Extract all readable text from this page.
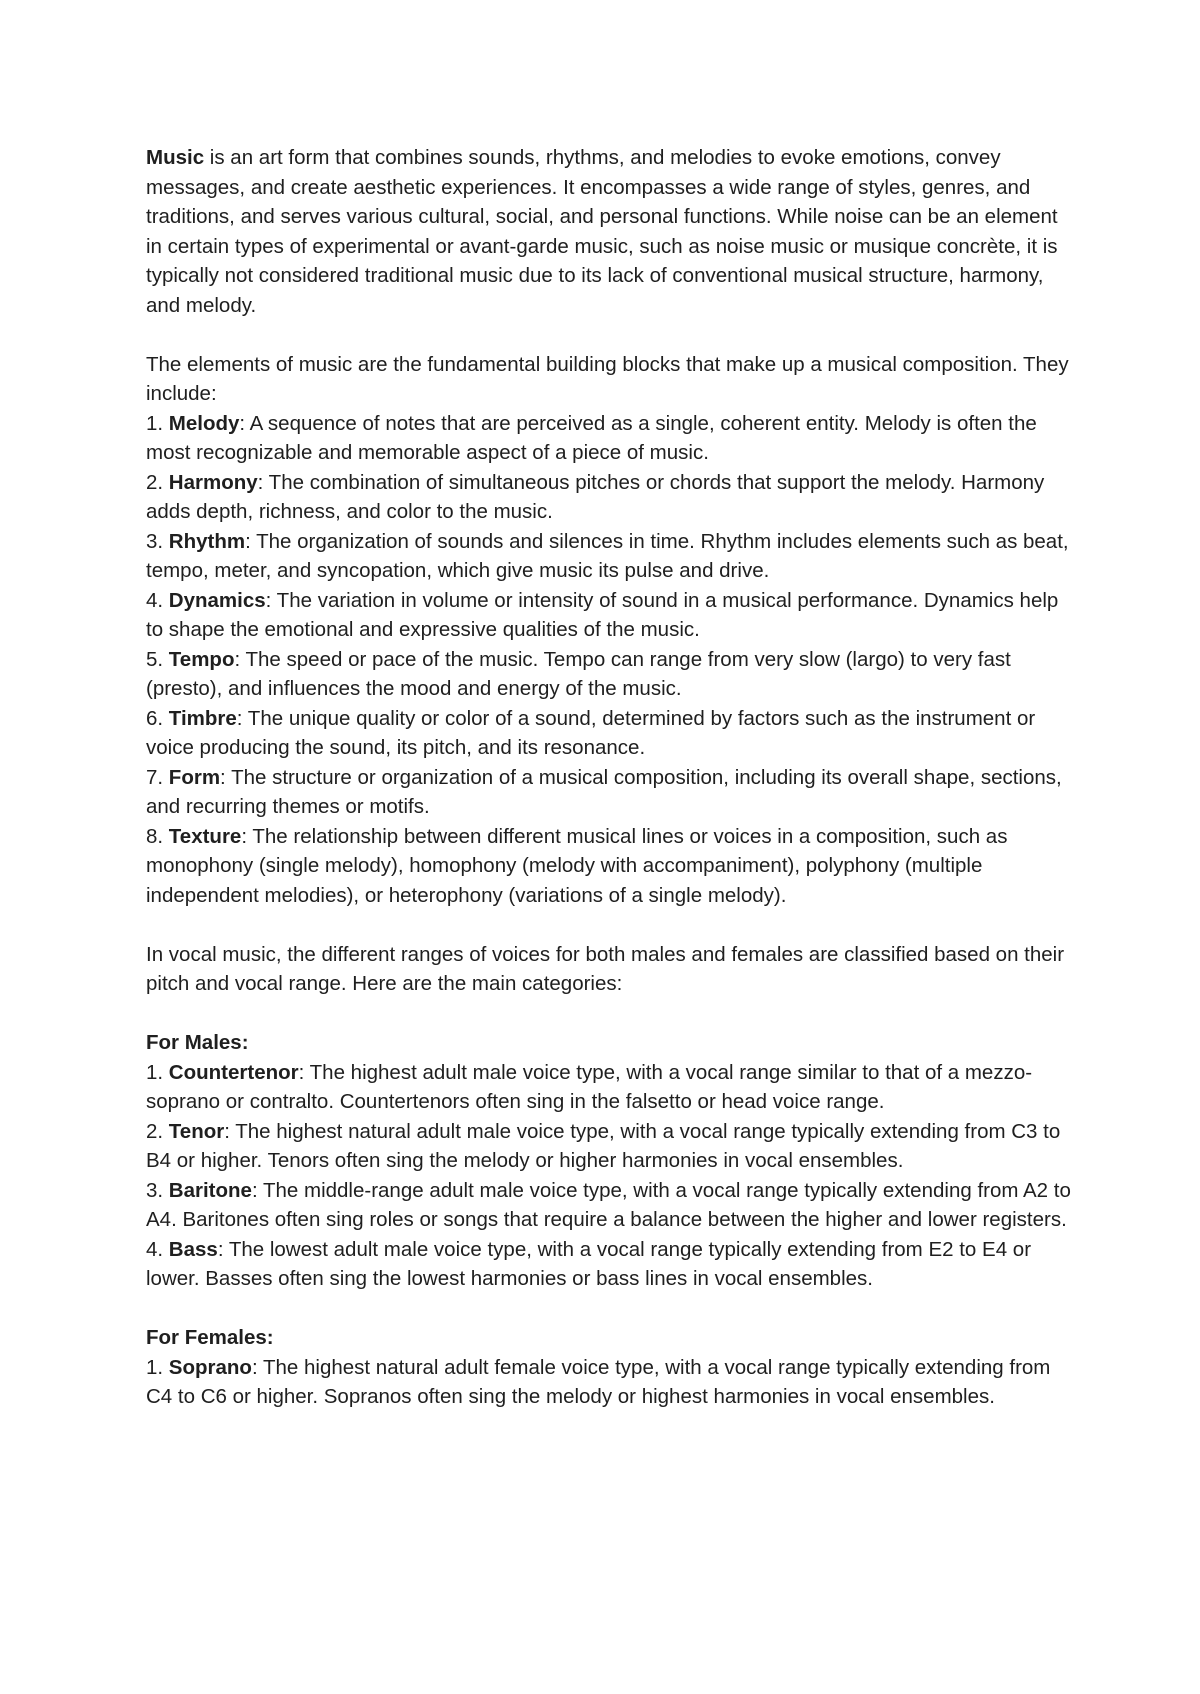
Music is an art form that combines sounds, rhythms, and melodies to evoke emotions, convey messages, and create aesthetic experiences. It encompasses a wide range of styles, genres, and traditions, and serves various cultural, social, and personal functions. While noise can be an element in certain types of experimental or avant-garde music, such as noise music or musique concrète, it is typically not considered traditional music due to its lack of conventional musical structure, harmony, and melody.

The elements of music are the fundamental building blocks that make up a musical composition. They include:

1. Melody: A sequence of notes that are perceived as a single, coherent entity. Melody is often the most recognizable and memorable aspect of a piece of music.

2. Harmony: The combination of simultaneous pitches or chords that support the melody. Harmony adds depth, richness, and color to the music.

3. Rhythm: The organization of sounds and silences in time. Rhythm includes elements such as beat, tempo, meter, and syncopation, which give music its pulse and drive.

4. Dynamics: The variation in volume or intensity of sound in a musical performance. Dynamics help to shape the emotional and expressive qualities of the music.

5. Tempo: The speed or pace of the music. Tempo can range from very slow (largo) to very fast (presto), and influences the mood and energy of the music.

6. Timbre: The unique quality or color of a sound, determined by factors such as the instrument or voice producing the sound, its pitch, and its resonance.

7. Form: The structure or organization of a musical composition, including its overall shape, sections, and recurring themes or motifs.

8. Texture: The relationship between different musical lines or voices in a composition, such as monophony (single melody), homophony (melody with accompaniment), polyphony (multiple independent melodies), or heterophony (variations of a single melody).

In vocal music, the different ranges of voices for both males and females are classified based on their pitch and vocal range. Here are the main categories:

For Males:

1. Countertenor: The highest adult male voice type, with a vocal range similar to that of a mezzo-soprano or contralto. Countertenors often sing in the falsetto or head voice range.

2. Tenor: The highest natural adult male voice type, with a vocal range typically extending from C3 to B4 or higher. Tenors often sing the melody or higher harmonies in vocal ensembles.

3. Baritone: The middle-range adult male voice type, with a vocal range typically extending from A2 to A4. Baritones often sing roles or songs that require a balance between the higher and lower registers.

4. Bass: The lowest adult male voice type, with a vocal range typically extending from E2 to E4 or lower. Basses often sing the lowest harmonies or bass lines in vocal ensembles.

For Females:

1. Soprano: The highest natural adult female voice type, with a vocal range typically extending from C4 to C6 or higher. Sopranos often sing the melody or highest harmonies in vocal ensembles.
